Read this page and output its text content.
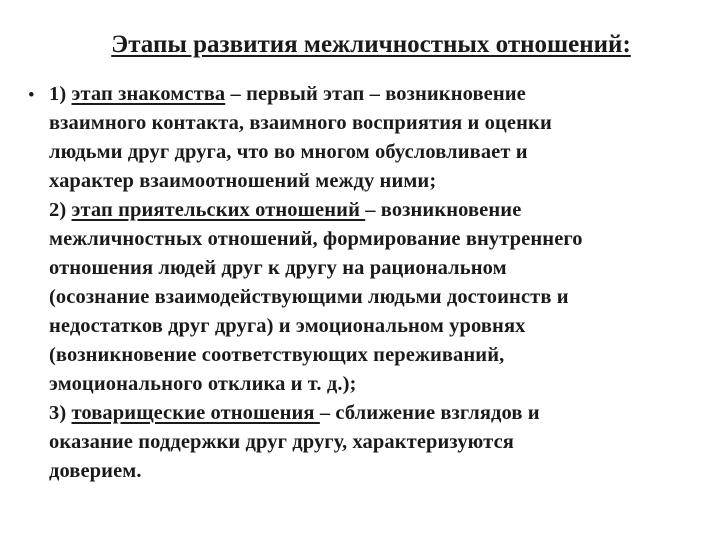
Этапы развития межличностных отношений:
• 1) этап знакомства – первый этап – возникновение
взаимного контакта, взаимного восприятия и оценки
людьми друг друга, что во многом обусловливает и
характер взаимоотношений между ними;
2) этап приятельских отношений – возникновение
межличностных отношений, формирование внутреннего
отношения людей друг к другу на рациональном
(осознание взаимодействующими людьми достоинств и
недостатков друг друга) и эмоциональном уровнях
(возникновение соответствующих переживаний,
эмоционального отклика и т. д.);
3) товарищеские отношения – сближение взглядов и
оказание поддержки друг другу, характеризуются
доверием.
